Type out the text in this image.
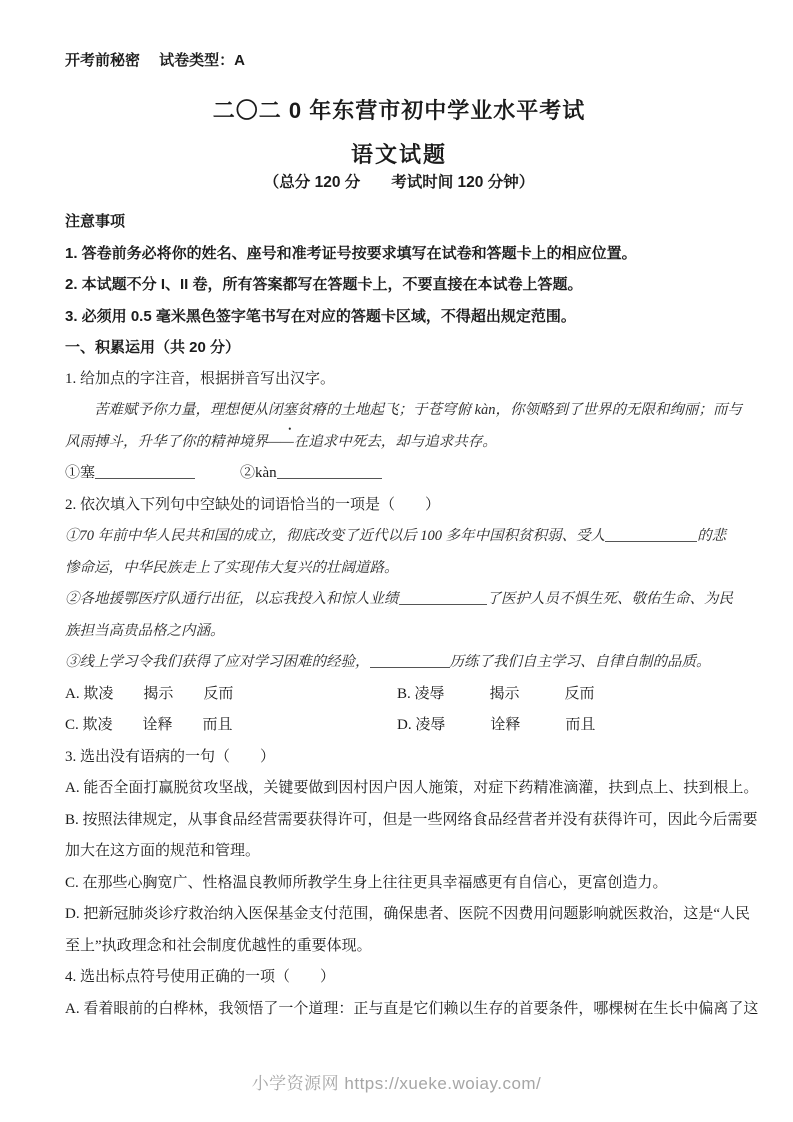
开考前秘密　 试卷类型：A
二〇二 0 年东营市初中学业水平考试
语文试题
（总分 120 分　　考试时间 120 分钟）
注意事项
1. 答卷前务必将你的姓名、座号和准考证号按要求填写在试卷和答题卡上的相应位置。
2. 本试题不分 I、II 卷，所有答案都写在答题卡上，不要直接在本试卷上答题。
3. 必须用 0.5 毫米黑色签字笔书写在对应的答题卡区域，不得超出规定范围。
一、积累运用（共 20 分）
1. 给加点的字注音，根据拼音写出汉字。
　　苦难赋予你力量，理想便从闭塞贫瘠的土地起飞；于苍穹俯 kàn，你领略到了世界的无限和绚丽；而与
风雨搏斗，升华了你的精神境界——在追求中死去，却与追求共存。
①塞	　　　②kàn
2. 依次填入下列句中空缺处的词语恰当的一项是（　　）
①70 年前中华人民共和国的成立，彻底改变了近代以后 100 多年中国积贫积弱、受人	的悲
惨命运，中华民族走上了实现伟大复兴的壮阔道路。
②各地援鄂医疗队通行出征，以忘我投入和惊人业绩	了医护人员不惧生死、敬佑生命、为民
族担当高贵品格之内涵。
③线上学习令我们获得了应对学习困难的经验，	历练了我们自主学习、自律自制的品质。
A. 欺凌　　揭示　　反而	B. 凌辱　　　揭示　　　反而
C. 欺凌　　诠释　　而且	D. 凌辱　　　诠释　　　而且
3. 选出没有语病的一句（　　）
A. 能否全面打赢脱贫攻坚战，关键要做到因村因户因人施策，对症下药精准滴灌，扶到点上、扶到根上。
B. 按照法律规定，从事食品经营需要获得许可，但是一些网络食品经营者并没有获得许可，因此今后需要
加大在这方面的规范和管理。
C. 在那些心胸宽广、性格温良教师所教学生身上往往更具幸福感更有自信心，更富创造力。
D. 把新冠肺炎诊疗救治纳入医保基金支付范围，确保患者、医院不因费用问题影响就医救治，这是“人民
至上”执政理念和社会制度优越性的重要体现。
4. 选出标点符号使用正确的一项（　　）
A. 看着眼前的白桦林，我领悟了一个道理：正与直是它们赖以生存的首要条件，哪棵树在生长中偏离了这
小学资源网 https://xueke.woiay.com/
